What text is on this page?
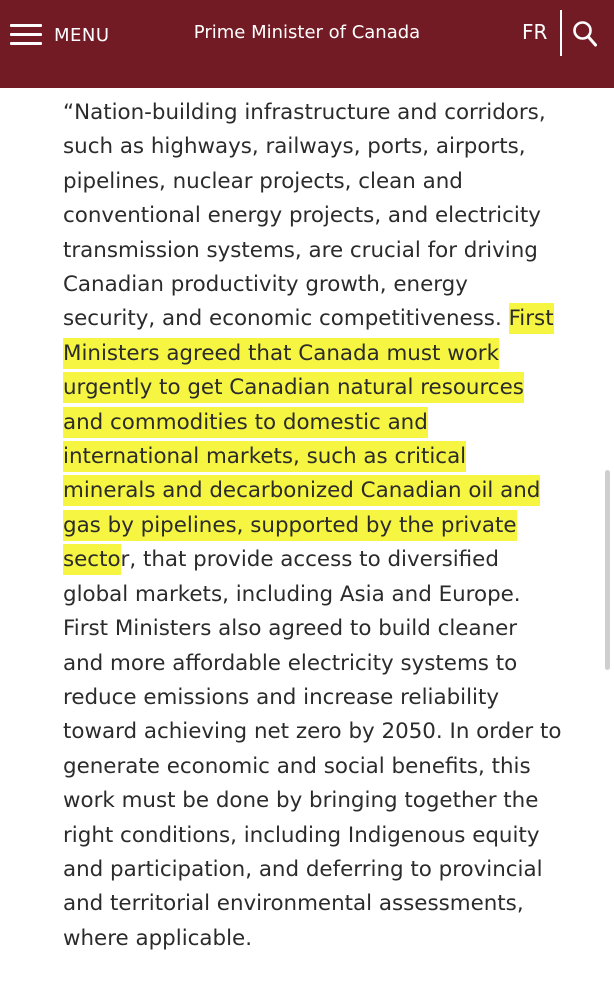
MENU	Prime Minister of Canada	FR

“Nation-building infrastructure and corridors, such as highways, railways, ports, airports, pipelines, nuclear projects, clean and conventional energy projects, and electricity transmission systems, are crucial for driving Canadian productivity growth, energy security, and economic competitiveness. First Ministers agreed that Canada must work urgently to get Canadian natural resources and commodities to domestic and international markets, such as critical minerals and decarbonized Canadian oil and gas by pipelines, supported by the private sector, that provide access to diversified global markets, including Asia and Europe. First Ministers also agreed to build cleaner and more affordable electricity systems to reduce emissions and increase reliability toward achieving net zero by 2050. In order to generate economic and social benefits, this work must be done by bringing together the right conditions, including Indigenous equity and participation, and deferring to provincial and territorial environmental assessments, where applicable.
